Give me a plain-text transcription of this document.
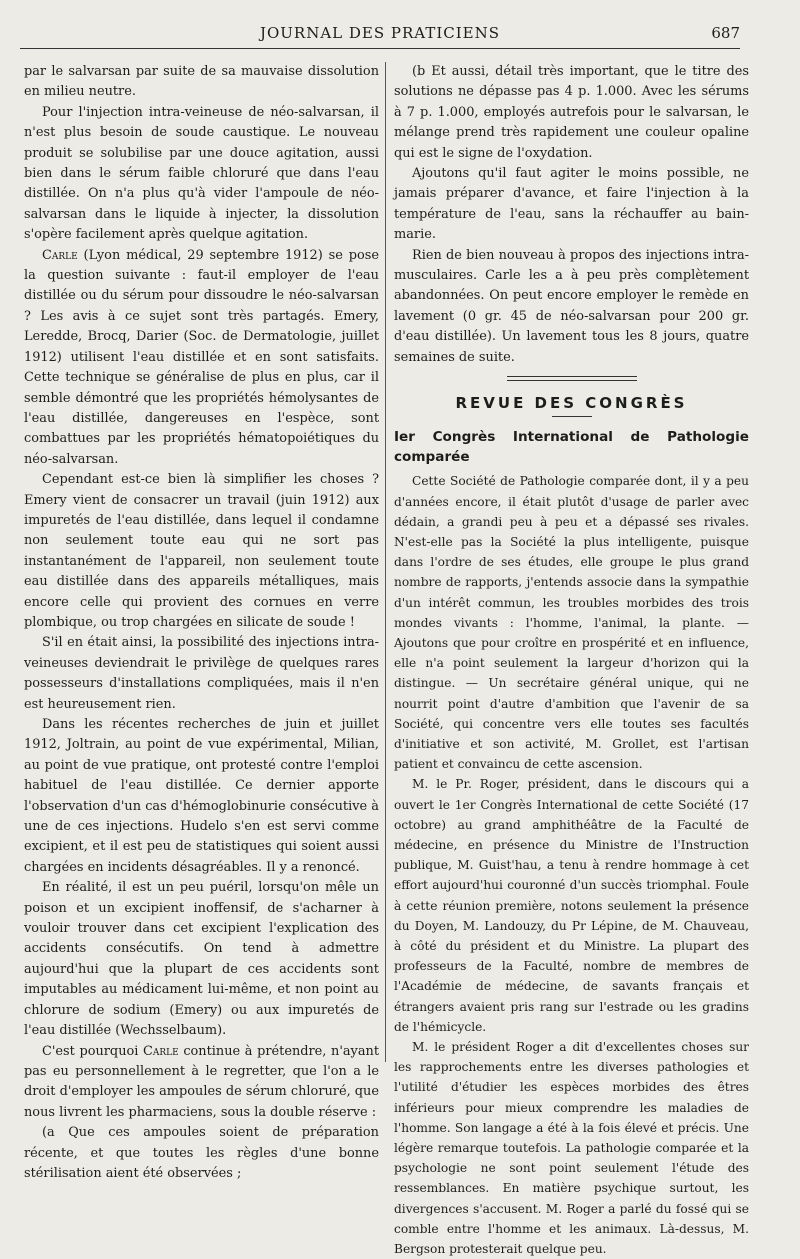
JOURNAL DES PRATICIENS	687

par le salvarsan par suite de sa mauvaise dissolution en milieu neutre.

Pour l'injection intra-veineuse de néo-salvarsan, il n'est plus besoin de soude caustique. Le nouveau produit se solubilise par une douce agitation, aussi bien dans le sérum faible chloruré que dans l'eau distillée. On n'a plus qu'à vider l'ampoule de néo-salvarsan dans le liquide à injecter, la dissolution s'opère facilement après quelque agitation.

Carle (Lyon médical, 29 septembre 1912) se pose la question suivante : faut-il employer de l'eau distillée ou du sérum pour dissoudre le néo-salvarsan ? Les avis à ce sujet sont très partagés. Emery, Leredde, Brocq, Darier (Soc. de Dermatologie, juillet 1912) utilisent l'eau distillée et en sont satisfaits. Cette technique se généralise de plus en plus, car il semble démontré que les propriétés hémolysantes de l'eau distillée, dangereuses en l'espèce, sont combattues par les propriétés hématopoiétiques du néo-salvarsan.

Cependant est-ce bien là simplifier les choses ? Emery vient de consacrer un travail (juin 1912) aux impuretés de l'eau distillée, dans lequel il condamne non seulement toute eau qui ne sort pas instantanément de l'appareil, non seulement toute eau distillée dans des appareils métalliques, mais encore celle qui provient des cornues en verre plombique, ou trop chargées en silicate de soude !

S'il en était ainsi, la possibilité des injections intra-veineuses deviendrait le privilège de quelques rares possesseurs d'installations compliquées, mais il n'en est heureusement rien.

Dans les récentes recherches de juin et juillet 1912, Joltrain, au point de vue expérimental, Milian, au point de vue pratique, ont protesté contre l'emploi habituel de l'eau distillée. Ce dernier apporte l'observation d'un cas d'hémoglobinurie consécutive à une de ces injections. Hudelo s'en est servi comme excipient, et il est peu de statistiques qui soient aussi chargées en incidents désagréables. Il y a renoncé.

En réalité, il est un peu puéril, lorsqu'on mêle un poison et un excipient inoffensif, de s'acharner à vouloir trouver dans cet excipient l'explication des accidents consécutifs. On tend à admettre aujourd'hui que la plupart de ces accidents sont imputables au médicament lui-même, et non point au chlorure de sodium (Emery) ou aux impuretés de l'eau distillée (Wechsselbaum).

C'est pourquoi Carle continue à prétendre, n'ayant pas eu personnellement à le regretter, que l'on a le droit d'employer les ampoules de sérum chloruré, que nous livrent les pharmaciens, sous la double réserve :

(a Que ces ampoules soient de préparation récente, et que toutes les règles d'une bonne stérilisation aient été observées ;

(b Et aussi, détail très important, que le titre des solutions ne dépasse pas 4 p. 1.000. Avec les sérums à 7 p. 1.000, employés autrefois pour le salvarsan, le mélange prend très rapidement une couleur opaline qui est le signe de l'oxydation.

Ajoutons qu'il faut agiter le moins possible, ne jamais préparer d'avance, et faire l'injection à la température de l'eau, sans la réchauffer au bain-marie.

Rien de bien nouveau à propos des injections intra-musculaires. Carle les a à peu près complètement abandonnées. On peut encore employer le remède en lavement (0 gr. 45 de néo-salvarsan pour 200 gr. d'eau distillée). Un lavement tous les 8 jours, quatre semaines de suite.

REVUE DES CONGRÈS
Ier Congrès International de Pathologie comparée

Cette Société de Pathologie comparée dont, il y a peu d'années encore, il était plutôt d'usage de parler avec dédain, a grandi peu à peu et a dépassé ses rivales. N'est-elle pas la Société la plus intelligente, puisque dans l'ordre de ses études, elle groupe le plus grand nombre de rapports, j'entends associe dans la sympathie d'un intérêt commun, les troubles morbides des trois mondes vivants : l'homme, l'animal, la plante. — Ajoutons que pour croître en prospérité et en influence, elle n'a point seulement la largeur d'horizon qui la distingue. — Un secrétaire général unique, qui ne nourrit point d'autre d'ambition que l'avenir de sa Société, qui concentre vers elle toutes ses facultés d'initiative et son activité, M. Grollet, est l'artisan patient et convaincu de cette ascension.

M. le Pr. Roger, président, dans le discours qui a ouvert le 1er Congrès International de cette Société (17 octobre) au grand amphithéâtre de la Faculté de médecine, en présence du Ministre de l'Instruction publique, M. Guist'hau, a tenu à rendre hommage à cet effort aujourd'hui couronné d'un succès triomphal. Foule à cette réunion première, notons seulement la présence du Doyen, M. Landouzy, du Pr Lépine, de M. Chauveau, à côté du président et du Ministre. La plupart des professeurs de la Faculté, nombre de membres de l'Académie de médecine, de savants français et étrangers avaient pris rang sur l'estrade ou les gradins de l'hémicycle.

M. le président Roger a dit d'excellentes choses sur les rapprochements entre les diverses pathologies et l'utilité d'étudier les espèces morbides des êtres inférieurs pour mieux comprendre les maladies de l'homme. Son langage a été à la fois élevé et précis. Une légère remarque toutefois. La pathologie comparée et la psychologie ne sont point seulement l'étude des ressemblances. En matière psychique surtout, les divergences s'accusent. M. Roger a parlé du fossé qui se comble entre l'homme et les animaux. Là-dessus, M. Bergson protesterait quelque peu.
